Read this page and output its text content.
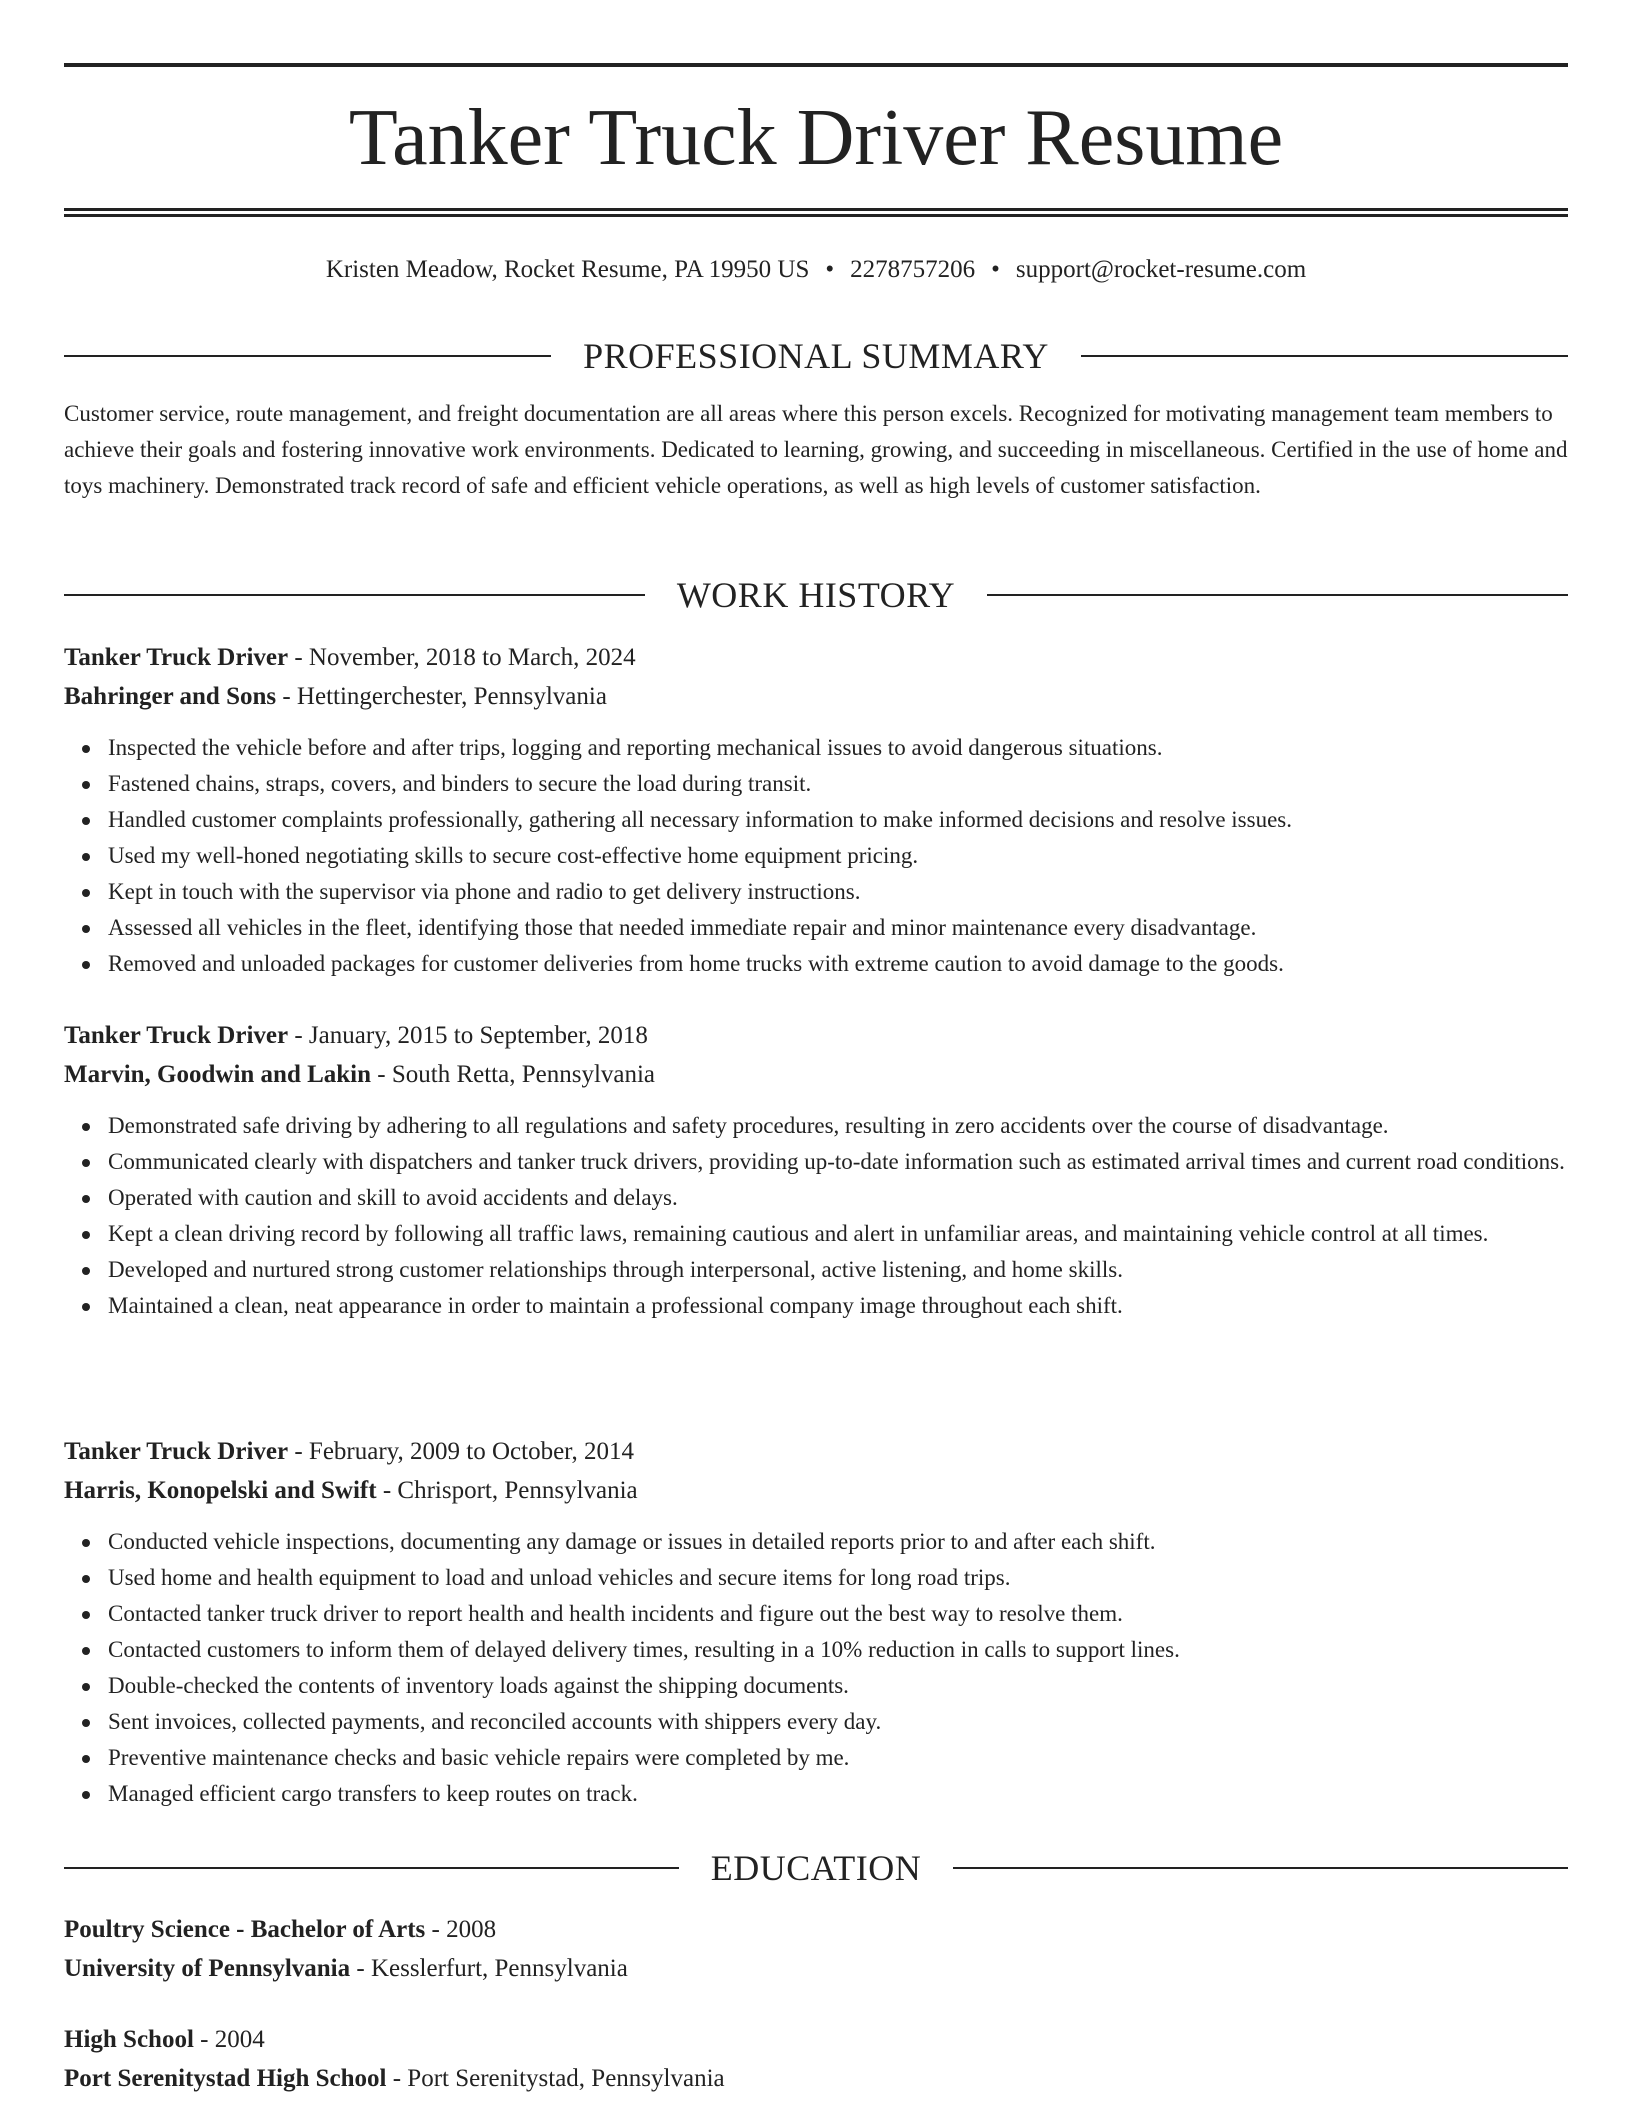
Tanker Truck Driver Resume
Kristen Meadow, Rocket Resume, PA 19950 US • 2278757206 • support@rocket-resume.com
PROFESSIONAL SUMMARY

Customer service, route management, and freight documentation are all areas where this person excels. Recognized for motivating management team members to achieve their goals and fostering innovative work environments. Dedicated to learning, growing, and succeeding in miscellaneous. Certified in the use of home and toys machinery. Demonstrated track record of safe and efficient vehicle operations, as well as high levels of customer satisfaction.

WORK HISTORY
Tanker Truck Driver - November, 2018 to March, 2024
Bahringer and Sons - Hettingerchester, Pennsylvania
Inspected the vehicle before and after trips, logging and reporting mechanical issues to avoid dangerous situations.
Fastened chains, straps, covers, and binders to secure the load during transit.
Handled customer complaints professionally, gathering all necessary information to make informed decisions and resolve issues.
Used my well-honed negotiating skills to secure cost-effective home equipment pricing.
Kept in touch with the supervisor via phone and radio to get delivery instructions.
Assessed all vehicles in the fleet, identifying those that needed immediate repair and minor maintenance every disadvantage.
Removed and unloaded packages for customer deliveries from home trucks with extreme caution to avoid damage to the goods.
Tanker Truck Driver - January, 2015 to September, 2018
Marvin, Goodwin and Lakin - South Retta, Pennsylvania
Demonstrated safe driving by adhering to all regulations and safety procedures, resulting in zero accidents over the course of disadvantage.
Communicated clearly with dispatchers and tanker truck drivers, providing up-to-date information such as estimated arrival times and current road conditions.
Operated with caution and skill to avoid accidents and delays.
Kept a clean driving record by following all traffic laws, remaining cautious and alert in unfamiliar areas, and maintaining vehicle control at all times.
Developed and nurtured strong customer relationships through interpersonal, active listening, and home skills.
Maintained a clean, neat appearance in order to maintain a professional company image throughout each shift.
Tanker Truck Driver - February, 2009 to October, 2014
Harris, Konopelski and Swift - Chrisport, Pennsylvania
Conducted vehicle inspections, documenting any damage or issues in detailed reports prior to and after each shift.
Used home and health equipment to load and unload vehicles and secure items for long road trips.
Contacted tanker truck driver to report health and health incidents and figure out the best way to resolve them.
Contacted customers to inform them of delayed delivery times, resulting in a 10% reduction in calls to support lines.
Double-checked the contents of inventory loads against the shipping documents.
Sent invoices, collected payments, and reconciled accounts with shippers every day.
Preventive maintenance checks and basic vehicle repairs were completed by me.
Managed efficient cargo transfers to keep routes on track.
EDUCATION
Poultry Science - Bachelor of Arts - 2008
University of Pennsylvania - Kesslerfurt, Pennsylvania
High School - 2004
Port Serenitystad High School - Port Serenitystad, Pennsylvania
